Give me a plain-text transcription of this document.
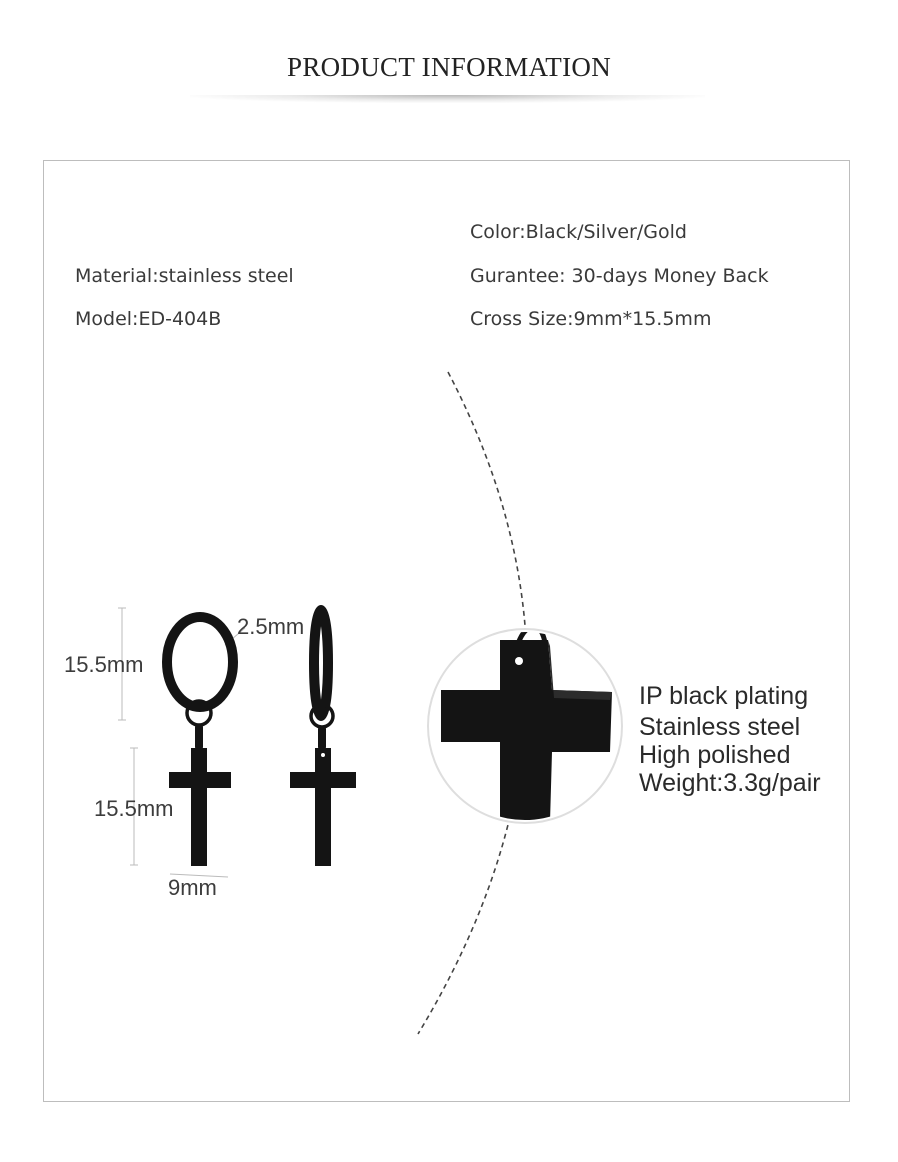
PRODUCT INFORMATION
Color:Black/Silver/Gold
Material:stainless steel	Gurantee: 30-days Money Back
Model:ED-404B	Cross Size:9mm*15.5mm
15.5mm
2.5mm
15.5mm
9mm
IP black plating
Stainless steel
High polished
Weight:3.3g/pair
